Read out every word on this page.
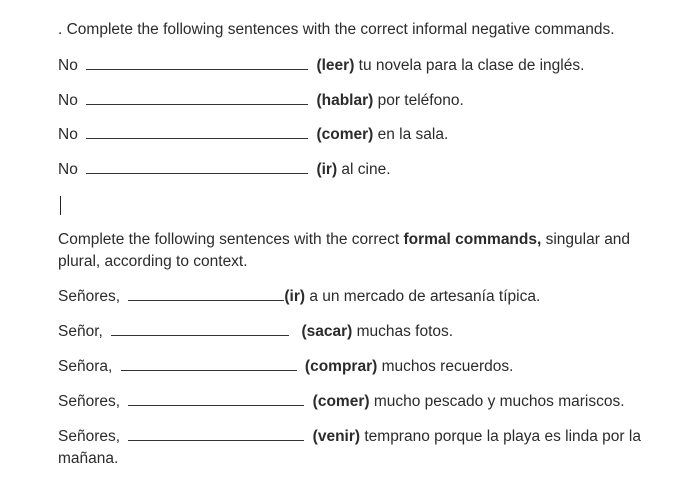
. Complete the following sentences with the correct informal negative commands.
No	(leer) tu novela para la clase de inglés.
No	(hablar) por teléfono.
No	(comer) en la sala.
No	(ir) al cine.
Complete the following sentences with the correct formal commands, singular and plural, according to context.
Señores,	(ir) a un mercado de artesanía típica.
Señor,	(sacar) muchas fotos.
Señora,	(comprar) muchos recuerdos.
Señores,	(comer) mucho pescado y muchos mariscos.
Señores,	(venir) temprano porque la playa es linda por la mañana.
